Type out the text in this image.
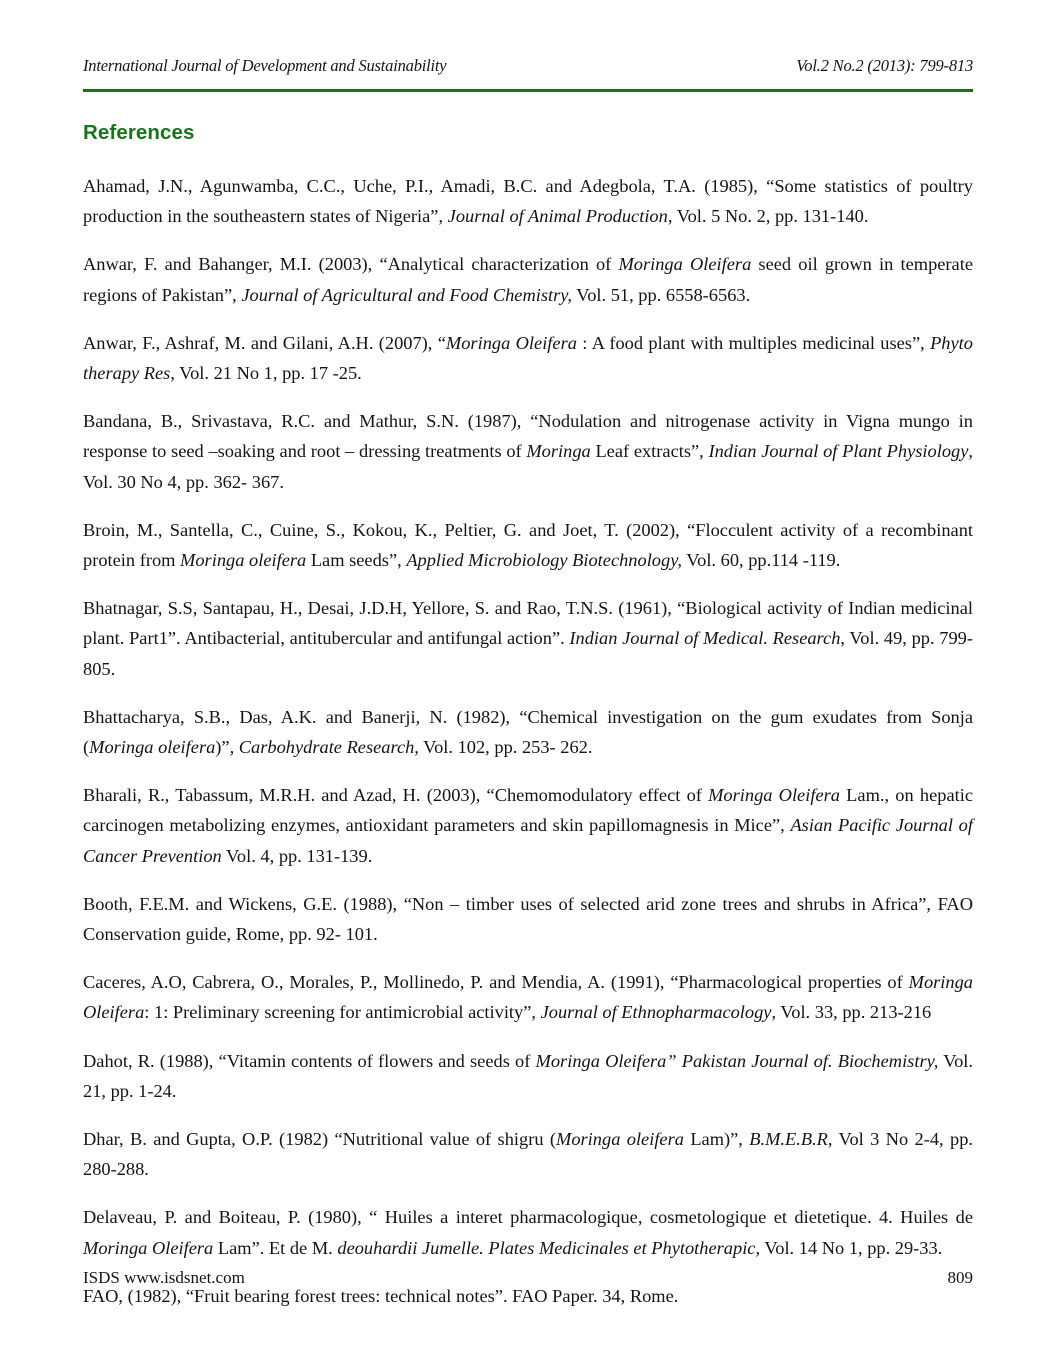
International Journal of Development and Sustainability	Vol.2 No.2 (2013): 799-813
References

Ahamad, J.N., Agunwamba, C.C., Uche, P.I., Amadi, B.C. and Adegbola, T.A. (1985), “Some statistics of poultry production in the southeastern states of Nigeria”, Journal of Animal Production, Vol. 5 No. 2, pp. 131-140.

Anwar, F. and Bahanger, M.I. (2003), “Analytical characterization of Moringa Oleifera seed oil grown in temperate regions of Pakistan”, Journal of Agricultural and Food Chemistry, Vol. 51, pp. 6558-6563.

Anwar, F., Ashraf, M. and Gilani, A.H. (2007), “Moringa Oleifera : A food plant with multiples medicinal uses”, Phyto therapy Res, Vol. 21 No 1, pp. 17 -25.

Bandana, B., Srivastava, R.C. and Mathur, S.N. (1987), “Nodulation and nitrogenase activity in Vigna mungo in response to seed –soaking and root – dressing treatments of Moringa Leaf extracts”, Indian Journal of Plant Physiology, Vol. 30 No 4, pp. 362- 367.

Broin, M., Santella, C., Cuine, S., Kokou, K., Peltier, G. and Joet, T. (2002), “Flocculent activity of a recombinant protein from Moringa oleifera Lam seeds”, Applied Microbiology Biotechnology, Vol. 60, pp.114 -119.

Bhatnagar, S.S, Santapau, H., Desai, J.D.H, Yellore, S. and Rao, T.N.S. (1961), “Biological activity of Indian medicinal plant. Part1”. Antibacterial, antitubercular and antifungal action”. Indian Journal of Medical. Research, Vol. 49, pp. 799-805.

Bhattacharya, S.B., Das, A.K. and Banerji, N. (1982), “Chemical investigation on the gum exudates from Sonja (Moringa oleifera)”, Carbohydrate Research, Vol. 102, pp. 253- 262.

Bharali, R., Tabassum, M.R.H. and Azad, H. (2003), “Chemomodulatory effect of Moringa Oleifera Lam., on hepatic carcinogen metabolizing enzymes, antioxidant parameters and skin papillomagnesis in Mice”, Asian Pacific Journal of Cancer Prevention Vol. 4, pp. 131-139.

Booth, F.E.M. and Wickens, G.E. (1988), “Non – timber uses of selected arid zone trees and shrubs in Africa”, FAO Conservation guide, Rome, pp. 92- 101.

Caceres, A.O, Cabrera, O., Morales, P., Mollinedo, P. and Mendia, A. (1991), “Pharmacological properties of Moringa Oleifera: 1: Preliminary screening for antimicrobial activity”, Journal of Ethnopharmacology, Vol. 33, pp. 213-216

Dahot, R. (1988), “Vitamin contents of flowers and seeds of Moringa Oleifera” Pakistan Journal of. Biochemistry, Vol. 21, pp. 1-24.

Dhar, B. and Gupta, O.P. (1982) “Nutritional value of shigru (Moringa oleifera Lam)”, B.M.E.B.R, Vol 3 No 2-4, pp. 280-288.

Delaveau, P. and Boiteau, P. (1980), “ Huiles a interet pharmacologique, cosmetologique et dietetique. 4. Huiles de Moringa Oleifera Lam”. Et de M. deouhardii Jumelle. Plates Medicinales et Phytotherapic, Vol. 14 No 1, pp. 29-33.

FAO, (1982), “Fruit bearing forest trees: technical notes”. FAO Paper. 34, Rome.

ISDS www.isdsnet.com	809
